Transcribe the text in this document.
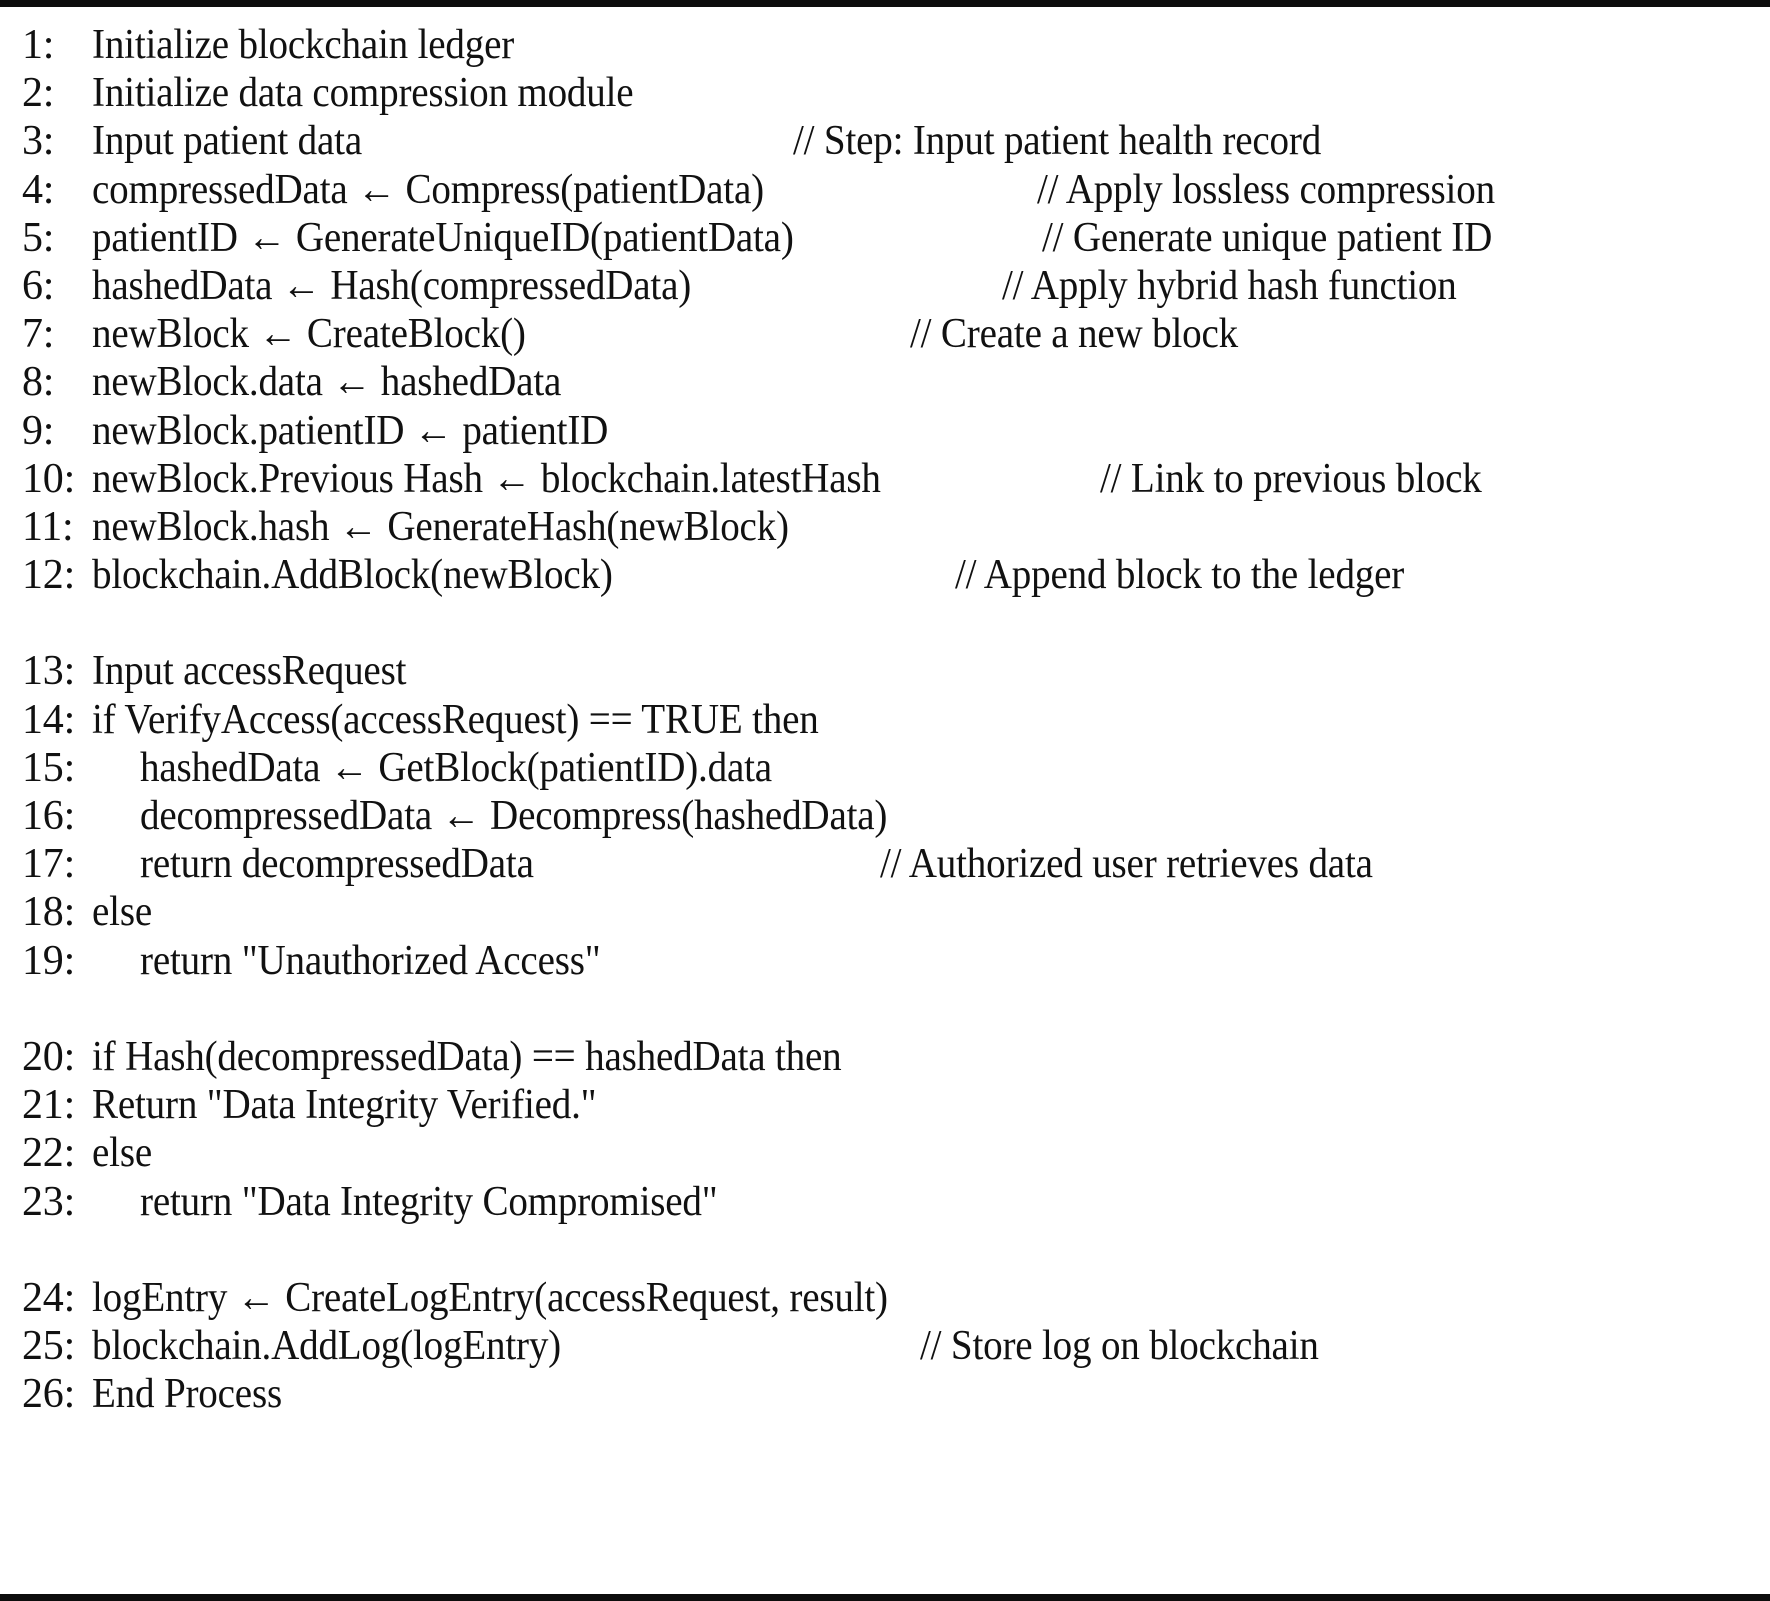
1: Initialize blockchain ledger
2: Initialize data compression module
3: Input patient data	// Step: Input patient health record
4: compressedData ← Compress(patientData)	// Apply lossless compression
5: patientID ← GenerateUniqueID(patientData)	// Generate unique patient ID
6: hashedData ← Hash(compressedData)	// Apply hybrid hash function
7: newBlock ← CreateBlock()	// Create a new block
8: newBlock.data ← hashedData
9: newBlock.patientID ← patientID
10: newBlock.Previous Hash ← blockchain.latestHash	// Link to previous block
11: newBlock.hash ← GenerateHash(newBlock)
12: blockchain.AddBlock(newBlock)	// Append block to the ledger
13: Input accessRequest
14: if VerifyAccess(accessRequest) == TRUE then
15: hashedData ← GetBlock(patientID).data
16: decompressedData ← Decompress(hashedData)
17: return decompressedData	// Authorized user retrieves data
18: else
19: return "Unauthorized Access"
20: if Hash(decompressedData) == hashedData then
21: Return "Data Integrity Verified."
22: else
23: return "Data Integrity Compromised"
24: logEntry ← CreateLogEntry(accessRequest, result)
25: blockchain.AddLog(logEntry)	// Store log on blockchain
26: End Process
